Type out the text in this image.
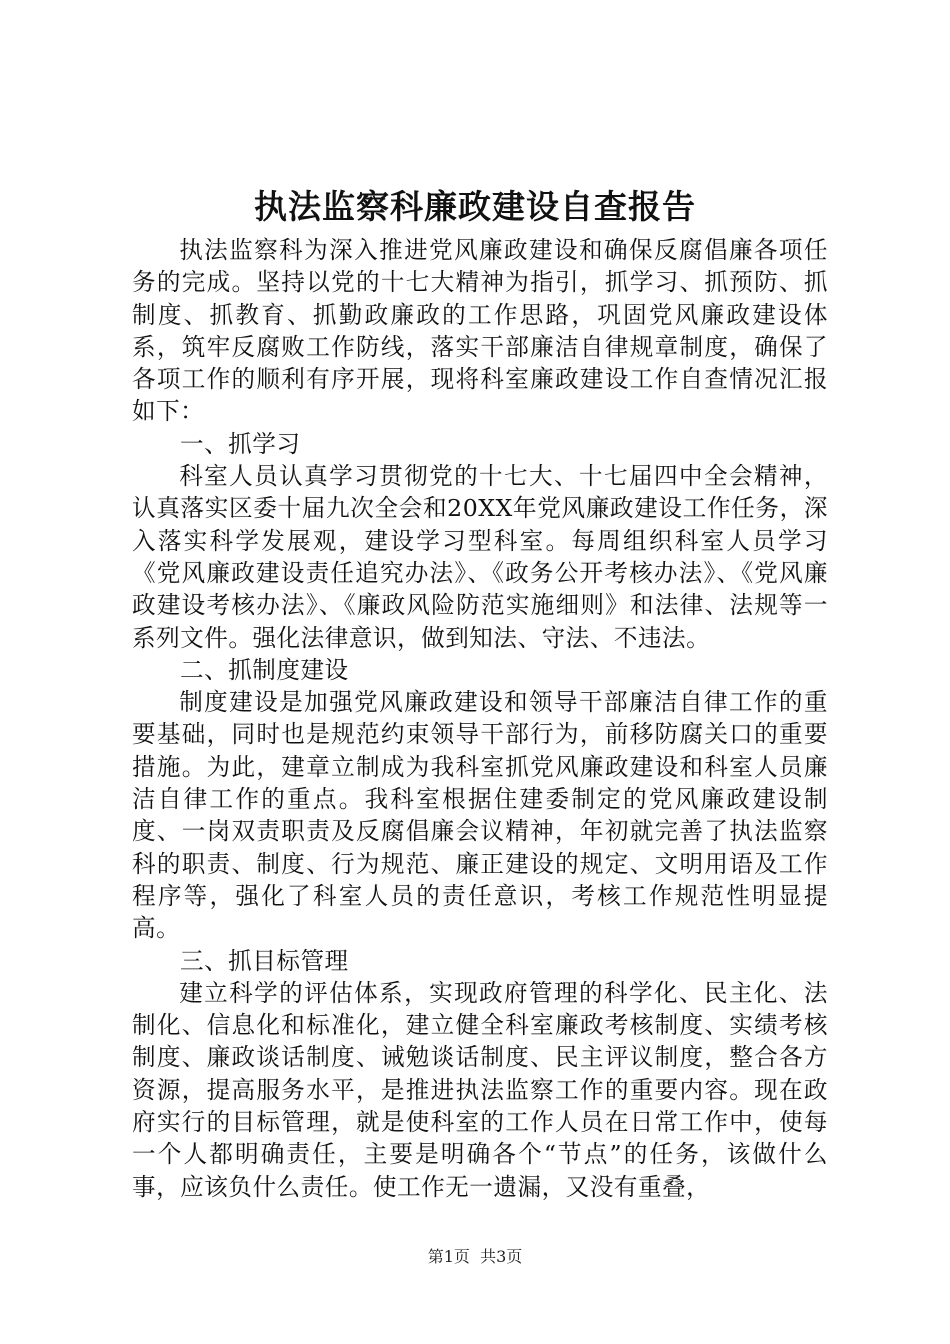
执法监察科廉政建设自查报告

执法监察科为深入推进党风廉政建设和确保反腐倡廉各项任务的完成。坚持以党的十七大精神为指引，抓学习、抓预防、抓制度、抓教育、抓勤政廉政的工作思路，巩固党风廉政建设体系，筑牢反腐败工作防线，落实干部廉洁自律规章制度，确保了各项工作的顺利有序开展，现将科室廉政建设工作自查情况汇报如下：

一、抓学习

科室人员认真学习贯彻党的十七大、十七届四中全会精神，认真落实区委十届九次全会和20XX年党风廉政建设工作任务，深入落实科学发展观，建设学习型科室。每周组织科室人员学习《党风廉政建设责任追究办法》、《政务公开考核办法》、《党风廉政建设考核办法》、《廉政风险防范实施细则》和法律、法规等一系列文件。强化法律意识，做到知法、守法、不违法。

二、抓制度建设

制度建设是加强党风廉政建设和领导干部廉洁自律工作的重要基础，同时也是规范约束领导干部行为，前移防腐关口的重要措施。为此，建章立制成为我科室抓党风廉政建设和科室人员廉洁自律工作的重点。我科室根据住建委制定的党风廉政建设制度、一岗双责职责及反腐倡廉会议精神，年初就完善了执法监察科的职责、制度、行为规范、廉正建设的规定、文明用语及工作程序等，强化了科室人员的责任意识，考核工作规范性明显提高。

三、抓目标管理

建立科学的评估体系，实现政府管理的科学化、民主化、法制化、信息化和标准化，建立健全科室廉政考核制度、实绩考核制度、廉政谈话制度、诫勉谈话制度、民主评议制度，整合各方资源，提高服务水平，是推进执法监察工作的重要内容。现在政府实行的目标管理，就是使科室的工作人员在日常工作中，使每一个人都明确责任，主要是明确各个“节点”的任务，该做什么事，应该负什么责任。使工作无一遗漏，又没有重叠，

第1页  共3页
